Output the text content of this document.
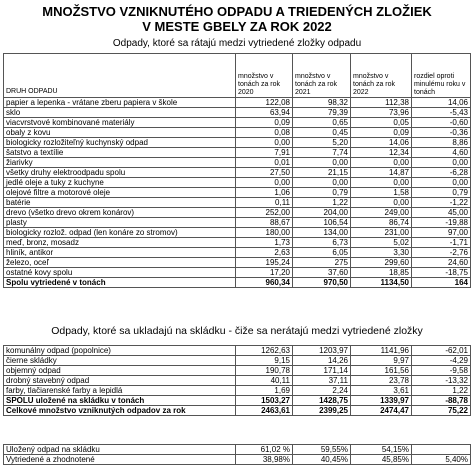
MNOŽSTVO VZNIKNUTÉHO ODPADU A TRIEDENÝCH ZLOŽIEK
V MESTE GBELY ZA ROK 2022
Odpady, ktoré sa rátajú medzi vytriedené zložky odpadu
DRUH ODPADU	množstvo v tonách za rok 2020	množstvo v tonách za rok 2021	množstvo v tonách za rok 2022	rozdiel oproti minulému roku v tonách
papier a lepenka - vrátane zberu papiera v škole	122,08	98,32	112,38	14,06
sklo	63,94	79,39	73,96	-5,43
viacvrstvové kombinované materiály	0,09	0,65	0,05	-0,60
obaly z kovu	0,08	0,45	0,09	-0,36
biologicky rozložiteľný kuchynský odpad	0,00	5,20	14,06	8,86
šatstvo a textílie	7,91	7,74	12,34	4,60
žiarivky	0,01	0,00	0,00	0,00
všetky druhy elektroodpadu spolu	27,50	21,15	14,87	-6,28
jedlé oleje a tuky z kuchyne	0,00	0,00	0,00	0,00
olejové filtre a motorové oleje	1,06	0,79	1,58	0,79
batérie	0,11	1,22	0,00	-1,22
drevo (všetko drevo okrem konárov)	252,00	204,00	249,00	45,00
plasty	88,67	106,54	86,74	-19,88
biologicky rozlož. odpad (len konáre zo stromov)	180,00	134,00	231,00	97,00
meď, bronz, mosadz	1,73	6,73	5,02	-1,71
hliník, antikor	2,63	6,05	3,30	-2,76
železo, oceľ	195,24	275	299,60	24,60
ostatné kovy spolu	17,20	37,60	18,85	-18,75
Spolu vytriedené v tonách	960,34	970,50	1134,50	164
Odpady, ktoré sa ukladajú na skládku - čiže sa nerátajú medzi vytriedené zložky
komunálny odpad (popolnice)	1262,63	1203,97	1141,96	-62,01
čierne skládky	9,15	14,26	9,97	-4,29
objemný odpad	190,78	171,14	161,56	-9,58
drobný stavebný odpad	40,11	37,11	23,78	-13,32
farby, tlačiarenské farby a lepidlá	1,69	2,24	3,61	1,22
SPOLU uložené na skládku v tonách	1503,27	1428,75	1339,97	-88,78
Celkové množstvo vzniknutých odpadov za rok	2463,61	2399,25	2474,47	75,22
Uložený odpad na skládku	61,02 %	59,55%	54,15%	
Vytriedené a zhodnotené	38,98%	40,45%	45,85%	5,40%
